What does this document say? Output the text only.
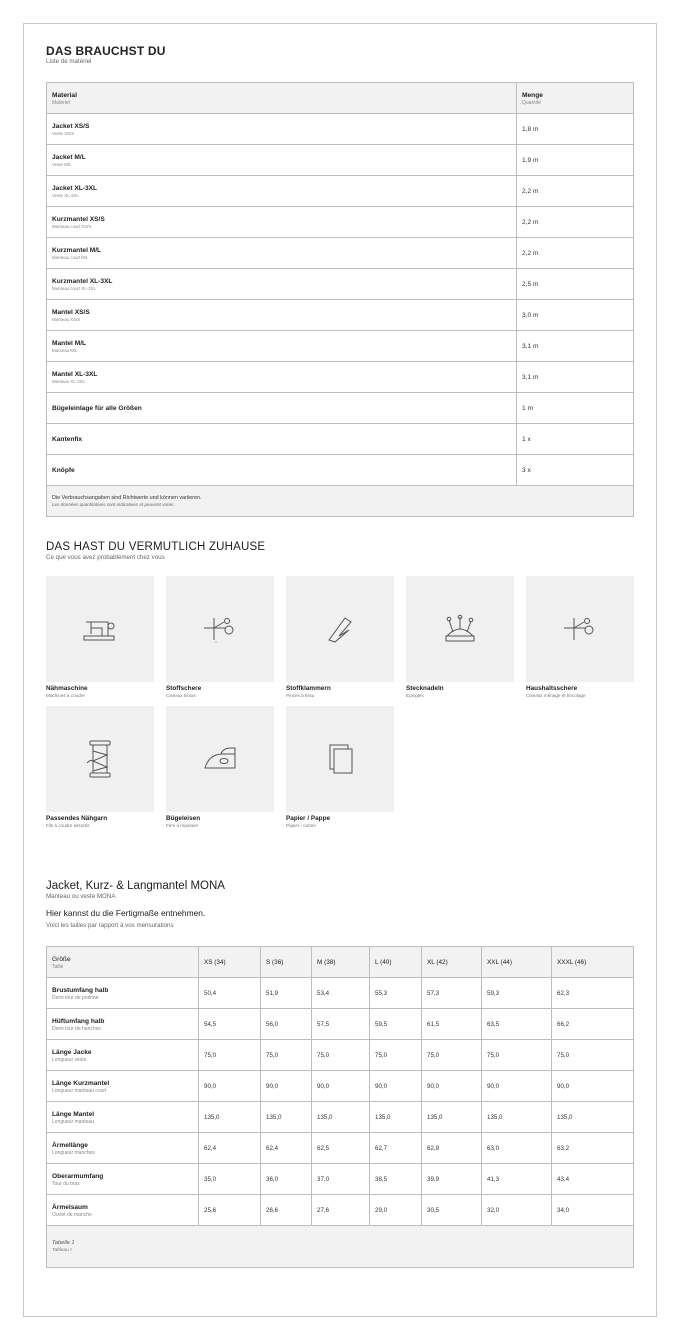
DAS BRAUCHST DU
Liste de matériel
Material
Matériel	Menge
Quantité

Jacket XS/S
Veste XS/S	1,8 m

Jacket M/L
Veste M/L	1,9 m

Jacket XL-3XL
Veste XL-3XL	2,2 m

Kurzmantel XS/S
Manteau court XS/S	2,2 m

Kurzmantel M/L
Manteau court M/L	2,2 m

Kurzmantel XL-3XL
Manteau court XL-3XL	2,5 m

Mantel XS/S
Manteau XS/S	3,0 m

Mantel M/L
Manteau M/L	3,1 m

Mantel XL-3XL
Manteau XL-3XL	3,1 m

Bügeleinlage für alle Größen	1 m

Kantenfix	1 x

Knöpfe	3 x

Die Verbrauchsangaben sind Richtwerte und können variieren.
Les données quantitatives sont indicatives et peuvent varier.	
DAS HAST DU VERMUTLICH ZUHAUSE
Ce que vous avez probablement chez vous
Nähmaschine
Machines à coudre
Stoffschere
Ciseaux tissus
Stoffklammern
Pinces à tissu
Stecknadeln
Épingles
Haushaltsschere
Ciseaux ménage et bricolage
Passendes Nähgarn
Fils à coudre assortis
Bügeleisen
Fers à repasser
Papier / Pappe
Papier / carton
Jacket, Kurz- & Langmantel MONA
Manteau ou veste MONA
Hier kannst du die Fertigmaße entnehmen.
Voici les tailles par rapport à vos mensurations
Größe
Taille	XS (34)	S (36)	M (38)	L (40)	XL (42)	XXL (44)	XXXL (46)

Brustumfang halb
Demi tour de poitrine	50,4	51,9	53,4	55,3	57,3	59,3	62,3

Hüftumfang halb
Demi tour de hanches	54,5	56,0	57,5	59,5	61,5	63,5	66,2

Länge Jacke
Longueur veste	75,0	75,0	75,0	75,0	75,0	75,0	75,0

Länge Kurzmantel
Longueur manteau court	90,0	90,0	90,0	90,0	90,0	90,0	90,0

Länge Mantel
Longueur manteau	135,0	135,0	135,0	135,0	135,0	135,0	135,0

Ärmellänge
Longueur manches	62,4	62,4	62,5	62,7	62,9	63,0	63,2

Oberarmumfang
Tour du bras	35,0	36,0	37,0	38,5	39,9	41,3	43,4

Ärmelsaum
Ourlet de manche	25,6	26,6	27,6	29,0	30,5	32,0	34,0

Tabelle 1
Tableau I							
